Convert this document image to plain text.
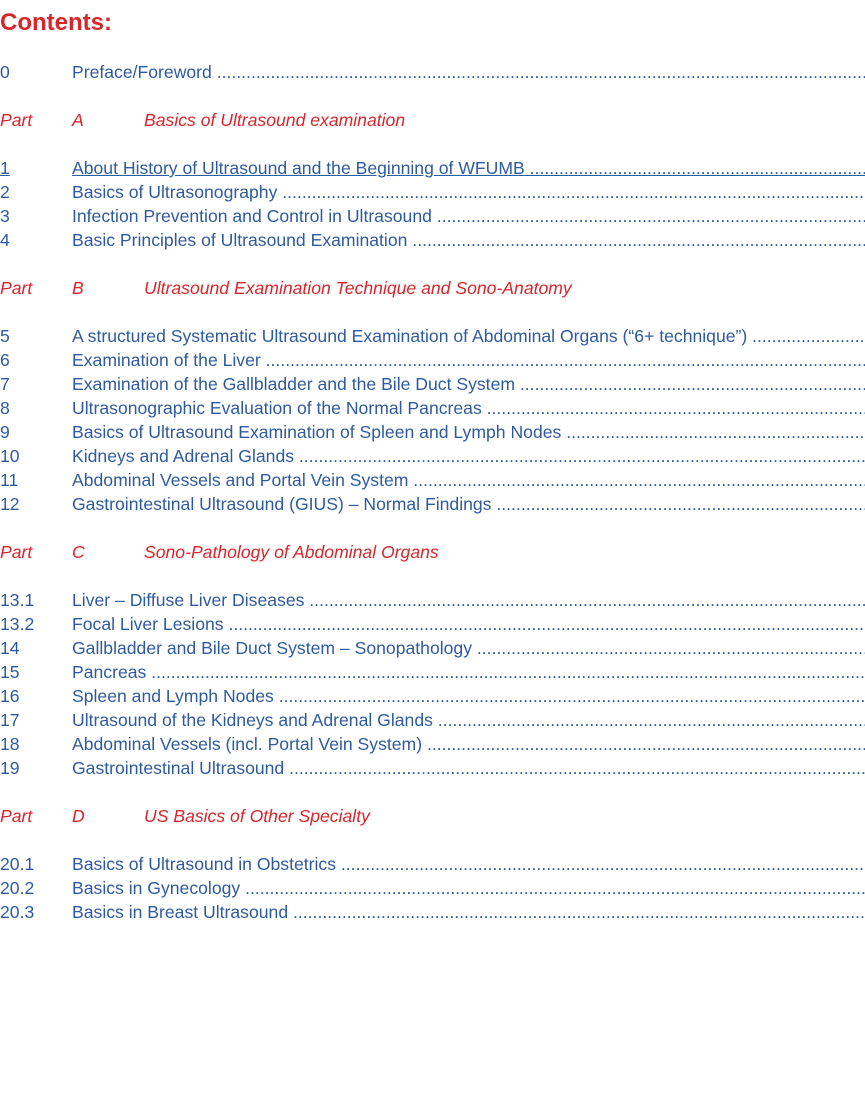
Contents:
0	Preface/Foreword .....
Part A	Basics of Ultrasound examination
1	About History of Ultrasound and the Beginning of WFUMB .....
2	Basics of Ultrasonography .....
3	Infection Prevention and Control in Ultrasound .....
4	Basic Principles of Ultrasound Examination .....
Part B	Ultrasound Examination Technique and Sono-Anatomy
5	A structured Systematic Ultrasound Examination of Abdominal Organs (“6+ technique”) .....
6	Examination of the Liver .....
7	Examination of the Gallbladder and the Bile Duct System .....
8	Ultrasonographic Evaluation of the Normal Pancreas .....
9	Basics of Ultrasound Examination of Spleen and Lymph Nodes .....
10	Kidneys and Adrenal Glands .....
11	Abdominal Vessels and Portal Vein System .....
12	Gastrointestinal Ultrasound (GIUS) – Normal Findings .....
Part C	Sono-Pathology of Abdominal Organs
13.1 Liver – Diffuse Liver Diseases .....
13.2 Focal Liver Lesions .....
14	Gallbladder and Bile Duct System – Sonopathology .....
15	Pancreas .....
16	Spleen and Lymph Nodes .....
17	Ultrasound of the Kidneys and Adrenal Glands .....
18	Abdominal Vessels (incl. Portal Vein System) .....
19	Gastrointestinal Ultrasound .....
Part D	US Basics of Other Specialty
20.1 Basics of Ultrasound in Obstetrics .....
20.2 Basics in Gynecology .....
20.3 Basics in Breast Ultrasound .....
